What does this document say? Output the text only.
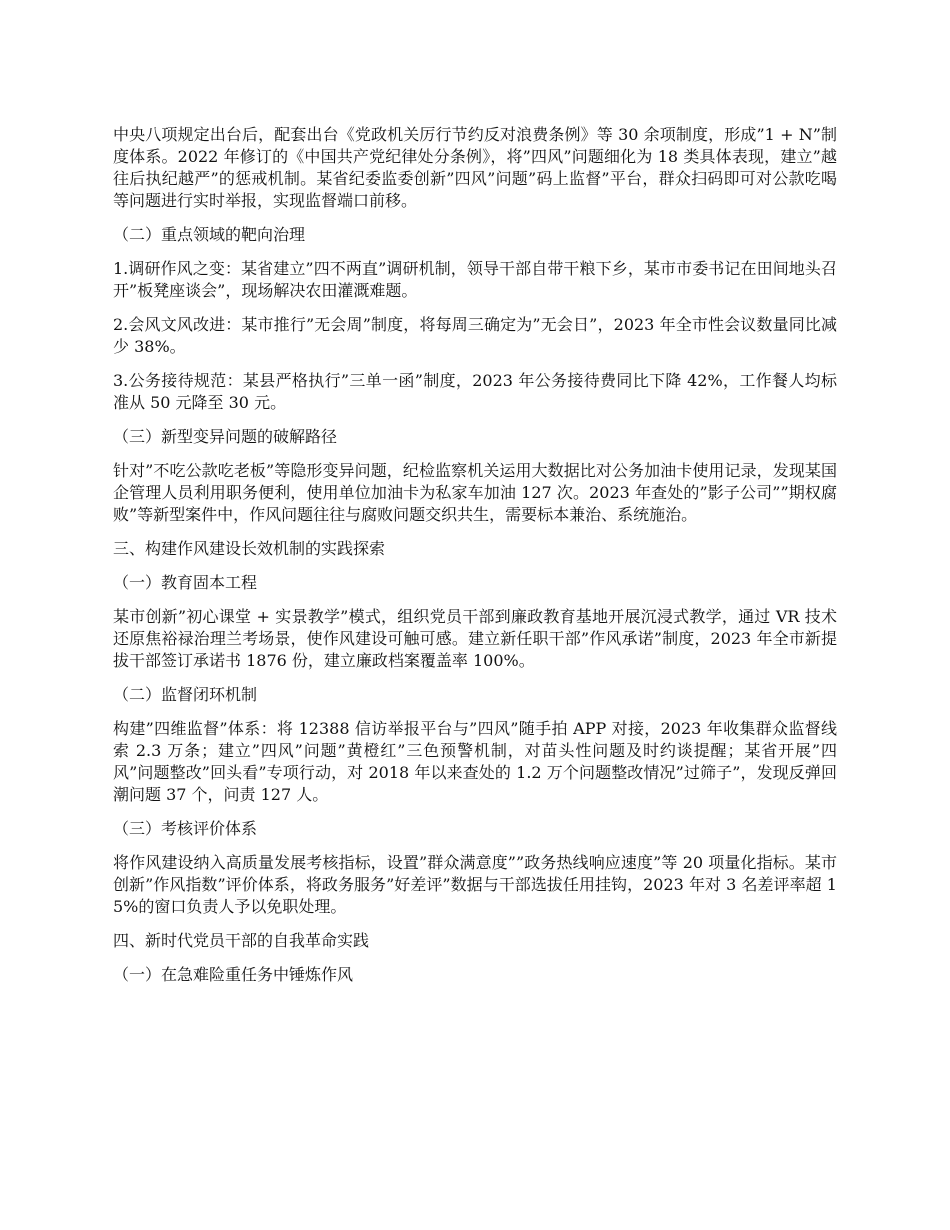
中央八项规定出台后，配套出台《党政机关厉行节约反对浪费条例》等 30 余项制度，形成”1 + N”制度体系。2022 年修订的《中国共产党纪律处分条例》，将”四风”问题细化为 18 类具体表现，建立”越往后执纪越严”的惩戒机制。某省纪委监委创新”四风”问题”码上监督”平台，群众扫码即可对公款吃喝等问题进行实时举报，实现监督端口前移。

（二）重点领域的靶向治理

1.调研作风之变：某省建立”四不两直”调研机制，领导干部自带干粮下乡，某市市委书记在田间地头召开”板凳座谈会”，现场解决农田灌溉难题。

2.会风文风改进：某市推行”无会周”制度，将每周三确定为”无会日”，2023 年全市性会议数量同比减少 38%。

3.公务接待规范：某县严格执行”三单一函”制度，2023 年公务接待费同比下降 42%，工作餐人均标准从 50 元降至 30 元。

（三）新型变异问题的破解路径

针对”不吃公款吃老板”等隐形变异问题，纪检监察机关运用大数据比对公务加油卡使用记录，发现某国企管理人员利用职务便利，使用单位加油卡为私家车加油 127 次。2023 年查处的”影子公司””期权腐败”等新型案件中，作风问题往往与腐败问题交织共生，需要标本兼治、系统施治。

三、构建作风建设长效机制的实践探索

（一）教育固本工程

某市创新”初心课堂 + 实景教学”模式，组织党员干部到廉政教育基地开展沉浸式教学，通过 VR 技术还原焦裕禄治理兰考场景，使作风建设可触可感。建立新任职干部”作风承诺”制度，2023 年全市新提拔干部签订承诺书 1876 份，建立廉政档案覆盖率 100%。

（二）监督闭环机制

构建”四维监督”体系：将 12388 信访举报平台与”四风”随手拍 APP 对接，2023 年收集群众监督线索 2.3 万条；建立”四风”问题”黄橙红”三色预警机制，对苗头性问题及时约谈提醒；某省开展”四风”问题整改”回头看”专项行动，对 2018 年以来查处的 1.2 万个问题整改情况”过筛子”，发现反弹回潮问题 37 个，问责 127 人。

（三）考核评价体系

将作风建设纳入高质量发展考核指标，设置”群众满意度””政务热线响应速度”等 20 项量化指标。某市创新”作风指数”评价体系，将政务服务”好差评”数据与干部选拔任用挂钩，2023 年对 3 名差评率超 15%的窗口负责人予以免职处理。

四、新时代党员干部的自我革命实践

（一）在急难险重任务中锤炼作风
